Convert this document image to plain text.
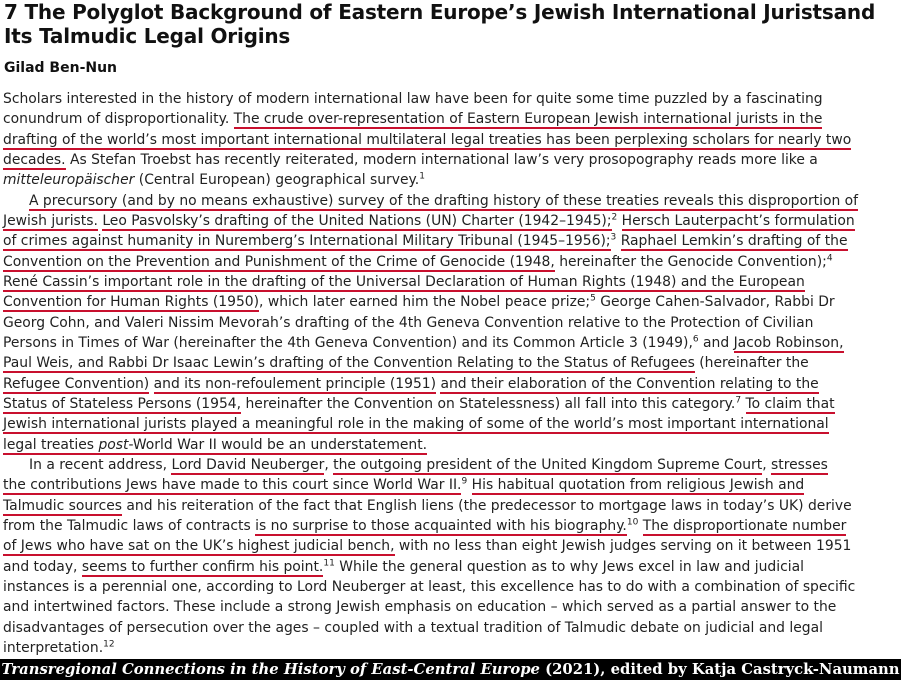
7 The Polyglot Background of Eastern Europe’s Jewish International Juristsand Its Talmudic Legal Origins
Gilad Ben-Nun
Scholars interested in the history of modern international law have been for quite some time puzzled by a fascinating
conundrum of disproportionality. The crude over-representation of Eastern European Jewish international jurists in the
drafting of the world’s most important international multilateral legal treaties has been perplexing scholars for nearly two
decades. As Stefan Troebst has recently reiterated, modern international law’s very prosopography reads more like a
mitteleuropäischer (Central European) geographical survey.$^1$
A precursory (and by no means exhaustive) survey of the drafting history of these treaties reveals this disproportion of
Jewish jurists. Leo Pasvolsky’s drafting of the United Nations (UN) Charter (1942–1945);$^2$ Hersch Lauterpacht’s formulation
of crimes against humanity in Nuremberg’s International Military Tribunal (1945–1956);$^3$ Raphael Lemkin’s drafting of the
Convention on the Prevention and Punishment of the Crime of Genocide (1948, hereinafter the Genocide Convention);$^4$
René Cassin’s important role in the drafting of the Universal Declaration of Human Rights (1948) and the European
Convention for Human Rights (1950), which later earned him the Nobel peace prize;$^5$ George Cahen-Salvador, Rabbi Dr
Georg Cohn, and Valeri Nissim Mevorah’s drafting of the 4th Geneva Convention relative to the Protection of Civilian
Persons in Times of War (hereinafter the 4th Geneva Convention) and its Common Article 3 (1949),$^6$ and Jacob Robinson,
Paul Weis, and Rabbi Dr Isaac Lewin’s drafting of the Convention Relating to the Status of Refugees (hereinafter the
Refugee Convention) and its non-refoulement principle (1951) and their elaboration of the Convention relating to the
Status of Stateless Persons (1954, hereinafter the Convention on Statelessness) all fall into this category.$^7$ To claim that
Jewish international jurists played a meaningful role in the making of some of the world’s most important international
legal treaties post-World War II would be an understatement.
In a recent address, Lord David Neuberger, the outgoing president of the United Kingdom Supreme Court, stresses
the contributions Jews have made to this court since World War II.$^9$ His habitual quotation from religious Jewish and
Talmudic sources and his reiteration of the fact that English liens (the predecessor to mortgage laws in today’s UK) derive
from the Talmudic laws of contracts is no surprise to those acquainted with his biography.$^{10}$ The disproportionate number
of Jews who have sat on the UK’s highest judicial bench, with no less than eight Jewish judges serving on it between 1951
and today, seems to further confirm his point.$^{11}$ While the general question as to why Jews excel in law and judicial
instances is a perennial one, according to Lord Neuberger at least, this excellence has to do with a combination of specific
and intertwined factors. These include a strong Jewish emphasis on education – which served as a partial answer to the
disadvantages of persecution over the ages – coupled with a textual tradition of Talmudic debate on judicial and legal
interpretation.$^{12}$
Transregional Connections in the History of East-Central Europe (2021), edited by Katja Castryck-Naumann
